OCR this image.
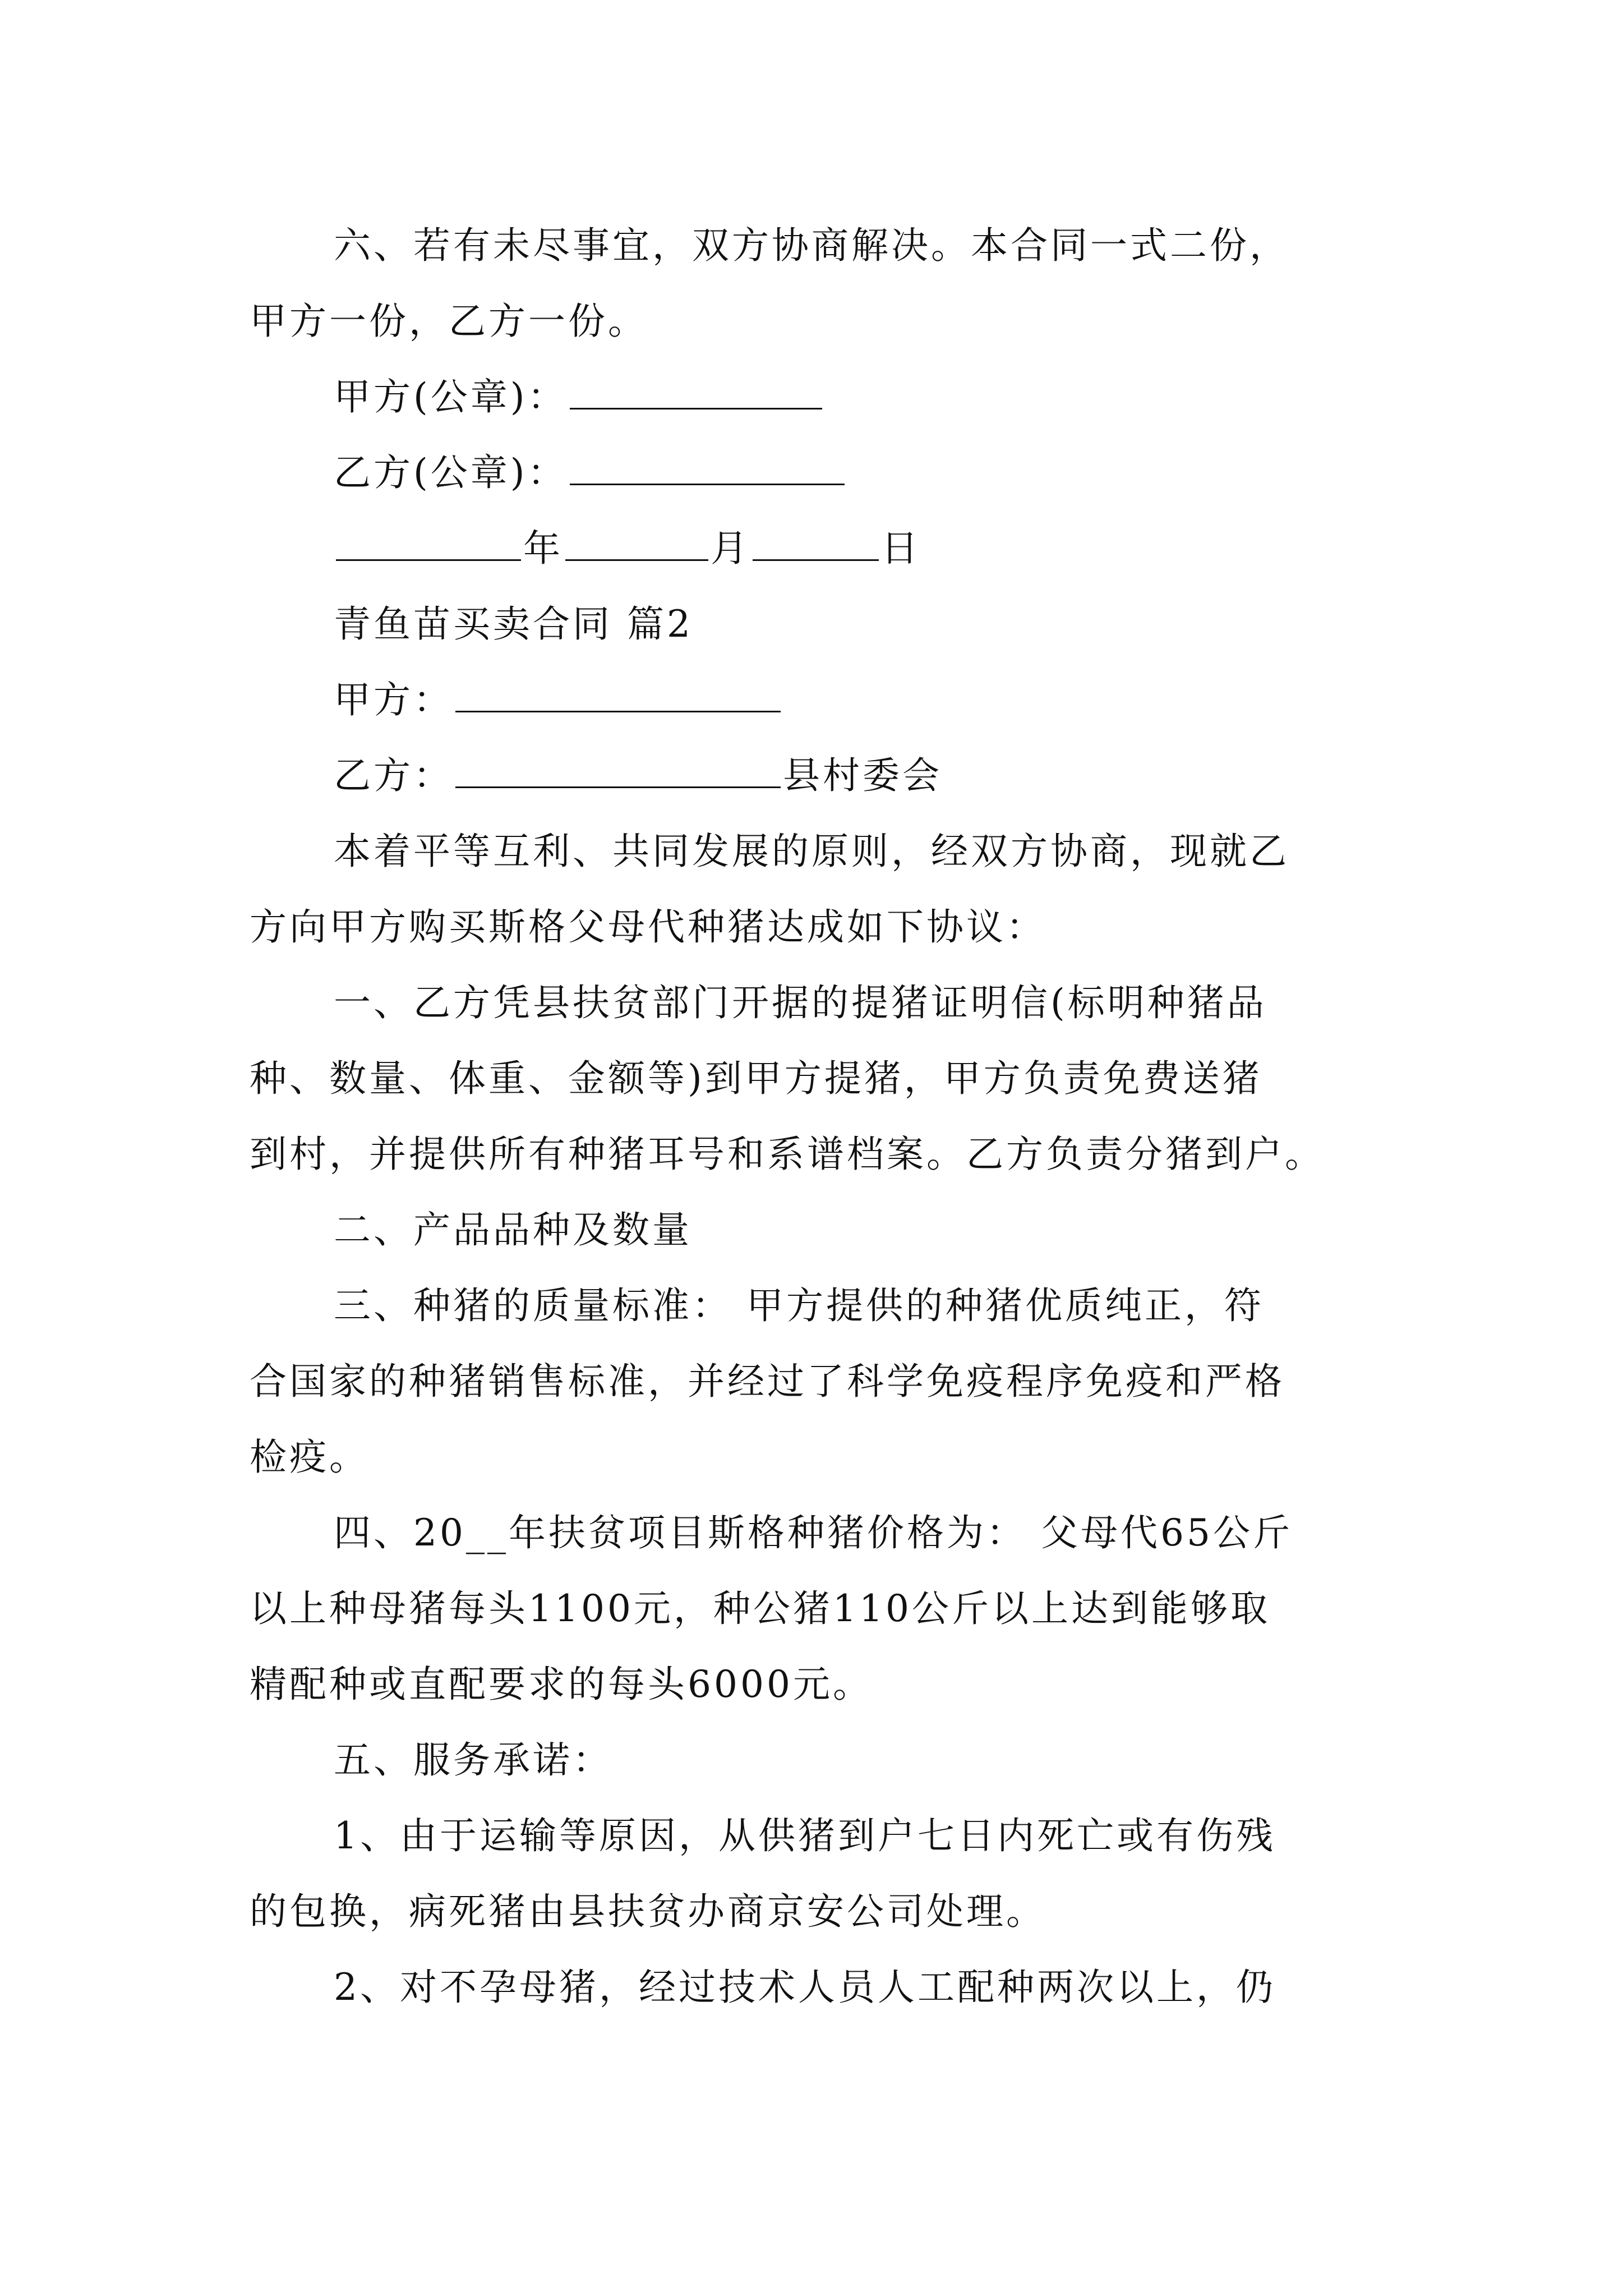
六、若有未尽事宜，双方协商解决。本合同一式二份，
甲方一份，乙方一份。
甲方(公章)：
乙方(公章)：
年	月	日
青鱼苗买卖合同 篇2
甲方：
乙方：	县村委会
本着平等互利、共同发展的原则，经双方协商，现就乙
方向甲方购买斯格父母代种猪达成如下协议：
一、乙方凭县扶贫部门开据的提猪证明信(标明种猪品
种、数量、体重、金额等)到甲方提猪，甲方负责免费送猪
到村，并提供所有种猪耳号和系谱档案。乙方负责分猪到户。
二、产品品种及数量
三、种猪的质量标准： 甲方提供的种猪优质纯正，符
合国家的种猪销售标准，并经过了科学免疫程序免疫和严格
检疫。
四、20__年扶贫项目斯格种猪价格为： 父母代65公斤
以上种母猪每头1100元，种公猪110公斤以上达到能够取
精配种或直配要求的每头6000元。
五、服务承诺：
1、由于运输等原因，从供猪到户七日内死亡或有伤残
的包换，病死猪由县扶贫办商京安公司处理。
2、对不孕母猪，经过技术人员人工配种两次以上，仍
